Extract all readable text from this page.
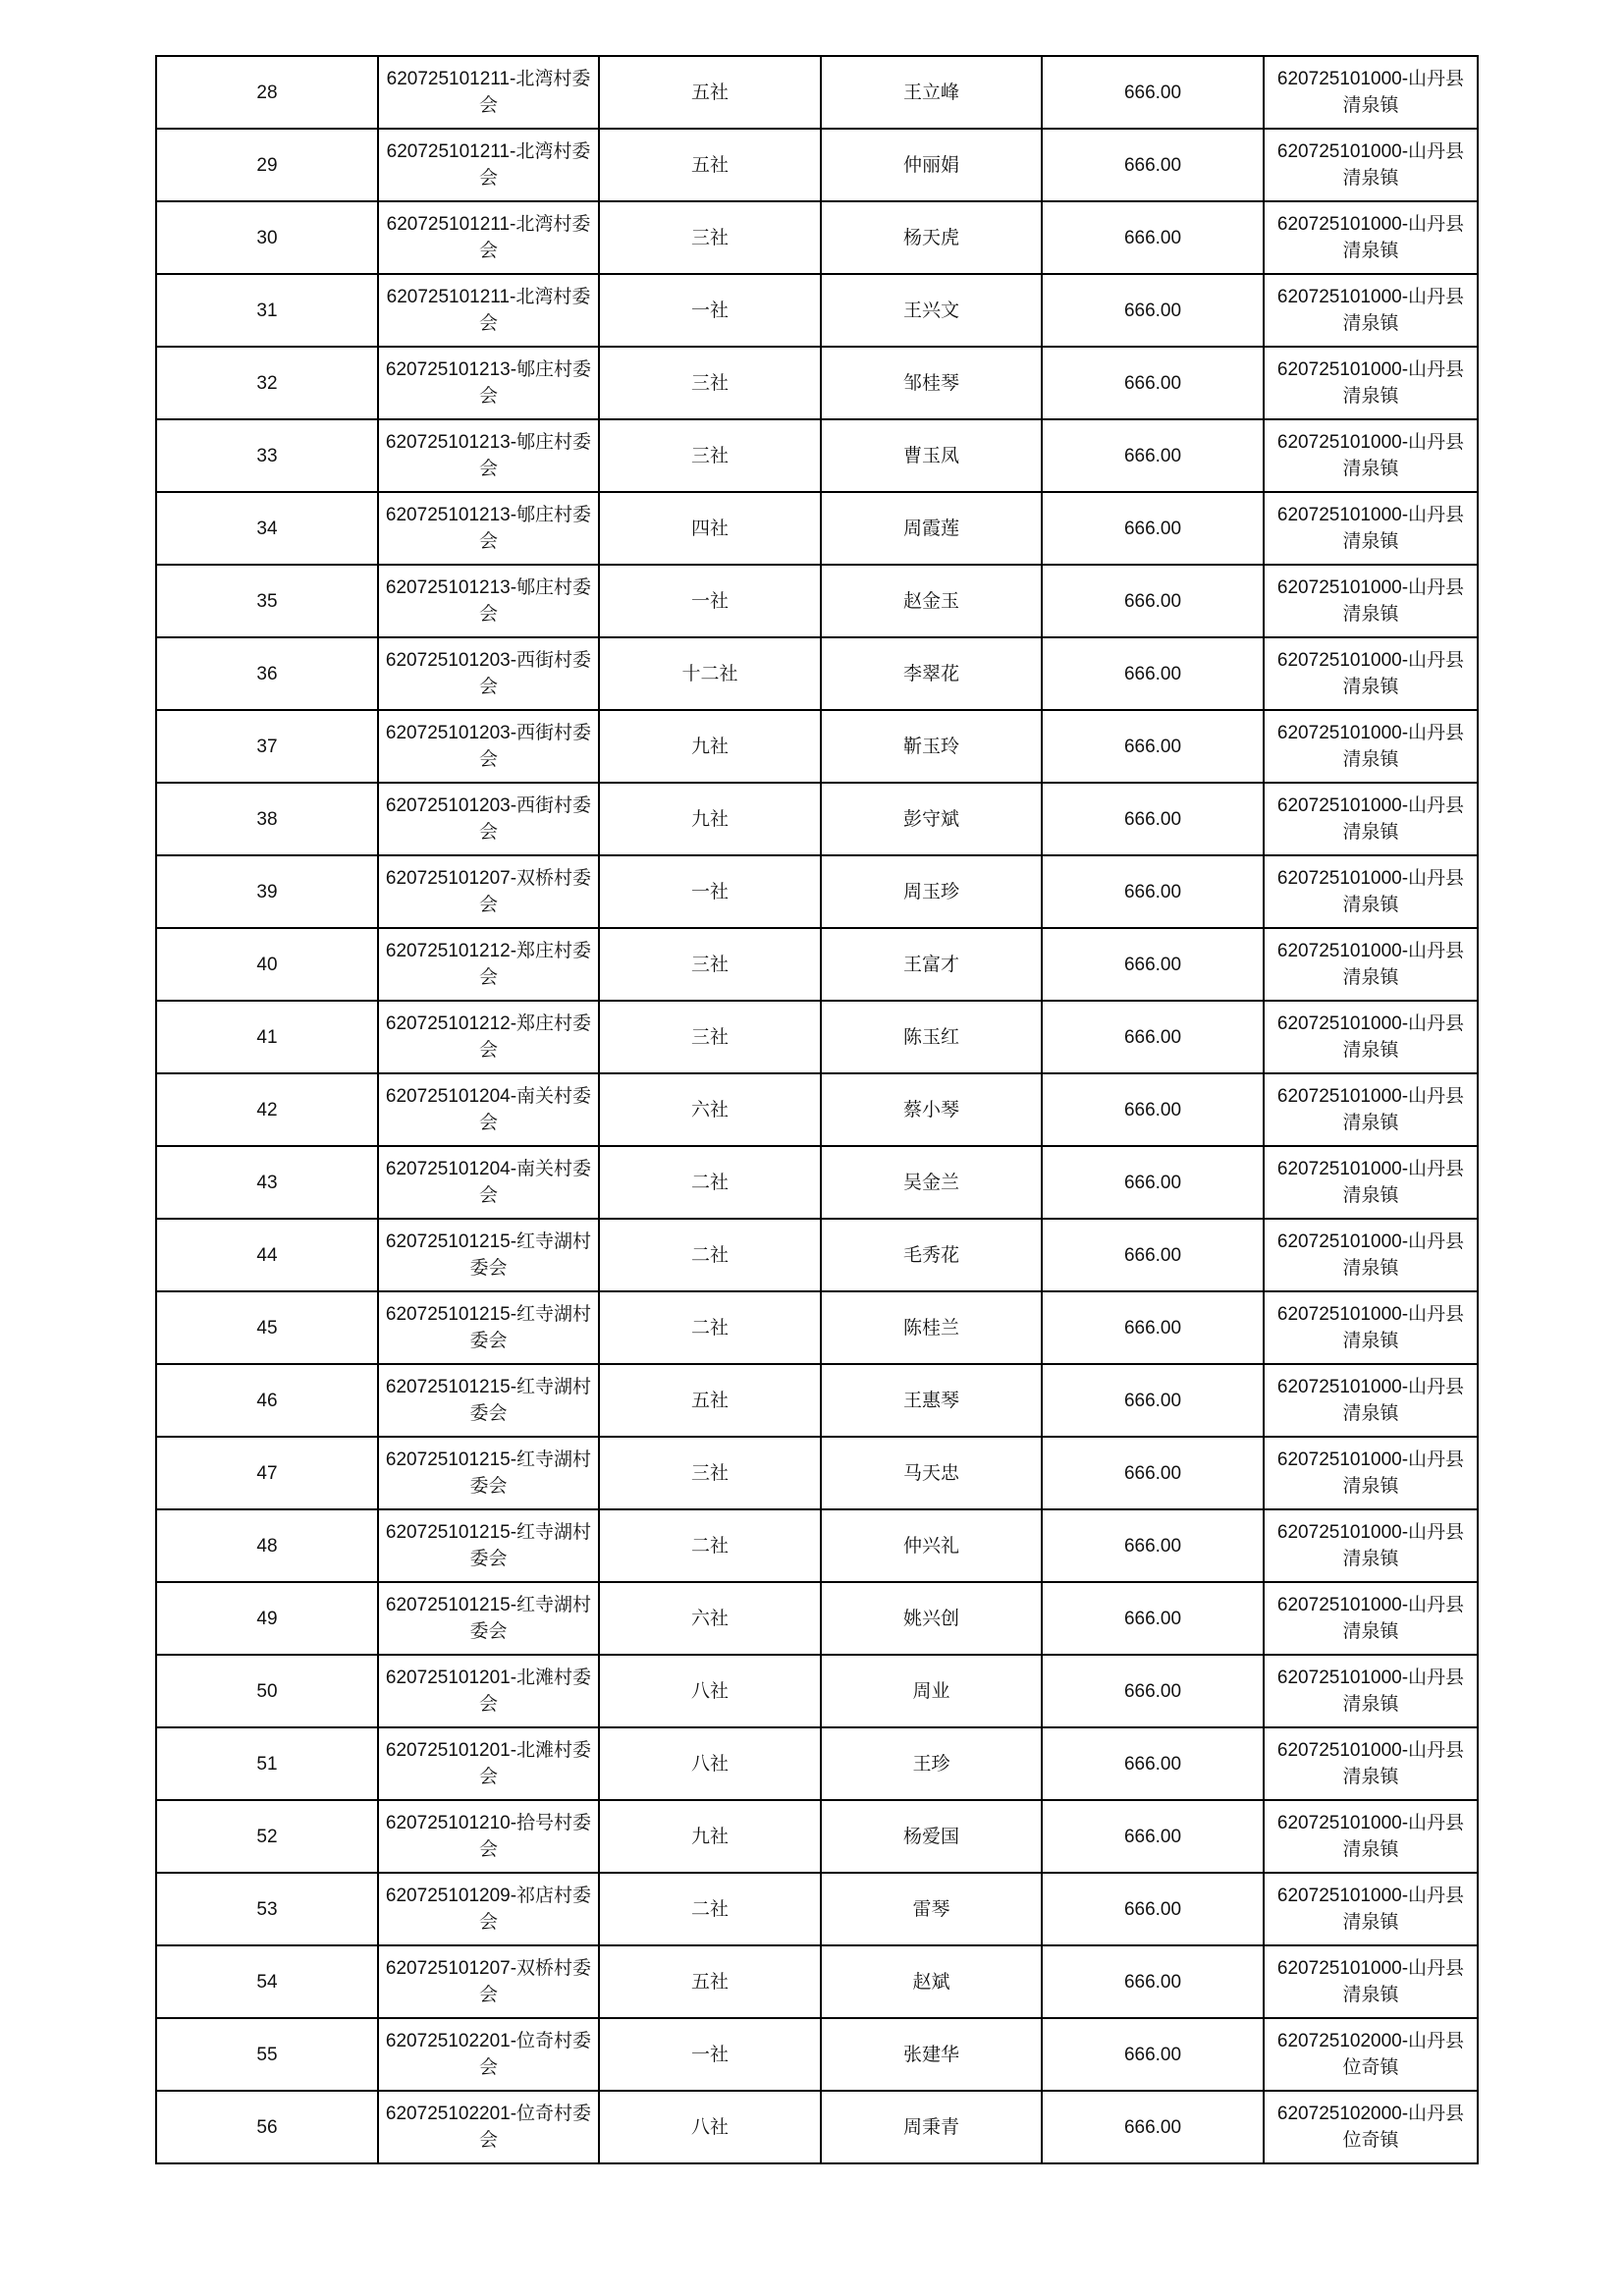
28	620725101211-北湾村委会	五社	王立峰	666.00	620725101000-山丹县清泉镇
29	620725101211-北湾村委会	五社	仲丽娟	666.00	620725101000-山丹县清泉镇
30	620725101211-北湾村委会	三社	杨天虎	666.00	620725101000-山丹县清泉镇
31	620725101211-北湾村委会	一社	王兴文	666.00	620725101000-山丹县清泉镇
32	620725101213-郇庄村委会	三社	邹桂琴	666.00	620725101000-山丹县清泉镇
33	620725101213-郇庄村委会	三社	曹玉凤	666.00	620725101000-山丹县清泉镇
34	620725101213-郇庄村委会	四社	周霞莲	666.00	620725101000-山丹县清泉镇
35	620725101213-郇庄村委会	一社	赵金玉	666.00	620725101000-山丹县清泉镇
36	620725101203-西街村委会	十二社	李翠花	666.00	620725101000-山丹县清泉镇
37	620725101203-西街村委会	九社	靳玉玲	666.00	620725101000-山丹县清泉镇
38	620725101203-西街村委会	九社	彭守斌	666.00	620725101000-山丹县清泉镇
39	620725101207-双桥村委会	一社	周玉珍	666.00	620725101000-山丹县清泉镇
40	620725101212-郑庄村委会	三社	王富才	666.00	620725101000-山丹县清泉镇
41	620725101212-郑庄村委会	三社	陈玉红	666.00	620725101000-山丹县清泉镇
42	620725101204-南关村委会	六社	蔡小琴	666.00	620725101000-山丹县清泉镇
43	620725101204-南关村委会	二社	吴金兰	666.00	620725101000-山丹县清泉镇
44	620725101215-红寺湖村委会	二社	毛秀花	666.00	620725101000-山丹县清泉镇
45	620725101215-红寺湖村委会	二社	陈桂兰	666.00	620725101000-山丹县清泉镇
46	620725101215-红寺湖村委会	五社	王惠琴	666.00	620725101000-山丹县清泉镇
47	620725101215-红寺湖村委会	三社	马天忠	666.00	620725101000-山丹县清泉镇
48	620725101215-红寺湖村委会	二社	仲兴礼	666.00	620725101000-山丹县清泉镇
49	620725101215-红寺湖村委会	六社	姚兴创	666.00	620725101000-山丹县清泉镇
50	620725101201-北滩村委会	八社	周业	666.00	620725101000-山丹县清泉镇
51	620725101201-北滩村委会	八社	王珍	666.00	620725101000-山丹县清泉镇
52	620725101210-拾号村委会	九社	杨爱国	666.00	620725101000-山丹县清泉镇
53	620725101209-祁店村委会	二社	雷琴	666.00	620725101000-山丹县清泉镇
54	620725101207-双桥村委会	五社	赵斌	666.00	620725101000-山丹县清泉镇
55	620725102201-位奇村委会	一社	张建华	666.00	620725102000-山丹县位奇镇
56	620725102201-位奇村委会	八社	周秉青	666.00	620725102000-山丹县位奇镇
